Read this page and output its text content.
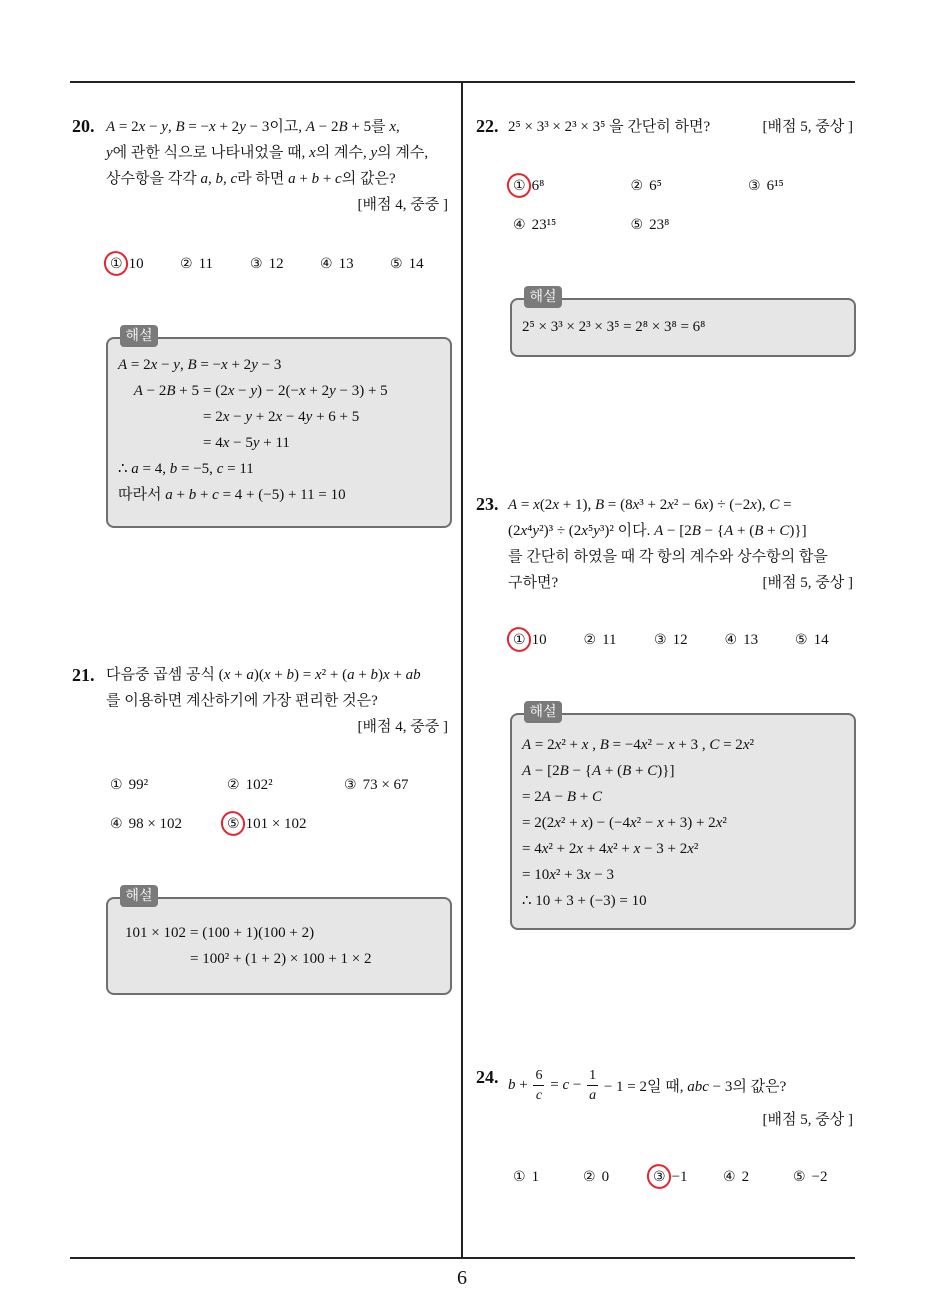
20. A = 2x − y, B = −x + 2y − 3이고, A − 2B + 5를 x,
y에 관한 식으로 나타내었을 때, x의 계수, y의 계수,
상수항을 각각 a, b, c라 하면 a + b + c의 값은?
[배점 4, 중중 ]
① 10	② 11	③ 12	④ 13	⑤ 14
해설
A = 2x − y, B = −x + 2y − 3
A − 2B + 5 = (2x − y) − 2(−x + 2y − 3) + 5
= 2x − y + 2x − 4y + 6 + 5
= 4x − 5y + 11
∴ a = 4, b = −5, c = 11
따라서 a + b + c = 4 + (−5) + 11 = 10
21. 다음중 곱셈 공식 (x + a)(x + b) = x² + (a + b)x + ab
를 이용하면 계산하기에 가장 편리한 것은?
[배점 4, 중중 ]
① 99²	② 102²	③ 73 × 67
④ 98 × 102	⑤ 101 × 102
해설
101 × 102 = (100 + 1)(100 + 2)
= 100² + (1 + 2) × 100 + 1 × 2
22. 2⁵ × 3³ × 2³ × 3⁵ 을 간단히 하면?	[배점 5, 중상 ]
① 6⁸	② 6⁵	③ 6¹⁵
④ 23¹⁵	⑤ 23⁸
해설
2⁵ × 3³ × 2³ × 3⁵ = 2⁸ × 3⁸ = 6⁸
23. A = x(2x + 1), B = (8x³ + 2x² − 6x) ÷ (−2x), C =
(2x⁴y²)³ ÷ (2x⁵y³)² 이다. A − [2B − {A + (B + C)}]
를 간단히 하였을 때 각 항의 계수와 상수항의 합을
구하면?	[배점 5, 중상 ]
① 10	② 11	③ 12	④ 13	⑤ 14
해설
A = 2x² + x , B = −4x² − x + 3 , C = 2x²
A − [2B − {A + (B + C)}]
= 2A − B + C
= 2(2x² + x) − (−4x² − x + 3) + 2x²
= 4x² + 2x + 4x² + x − 3 + 2x²
= 10x² + 3x − 3
∴ 10 + 3 + (−3) = 10
24. $b + \frac{6}{c} = c - \frac{1}{a} - 1 = 2$일 때, abc − 3의 값은?
[배점 5, 중상 ]
① 1	② 0	③ −1	④ 2	⑤ −2
6
